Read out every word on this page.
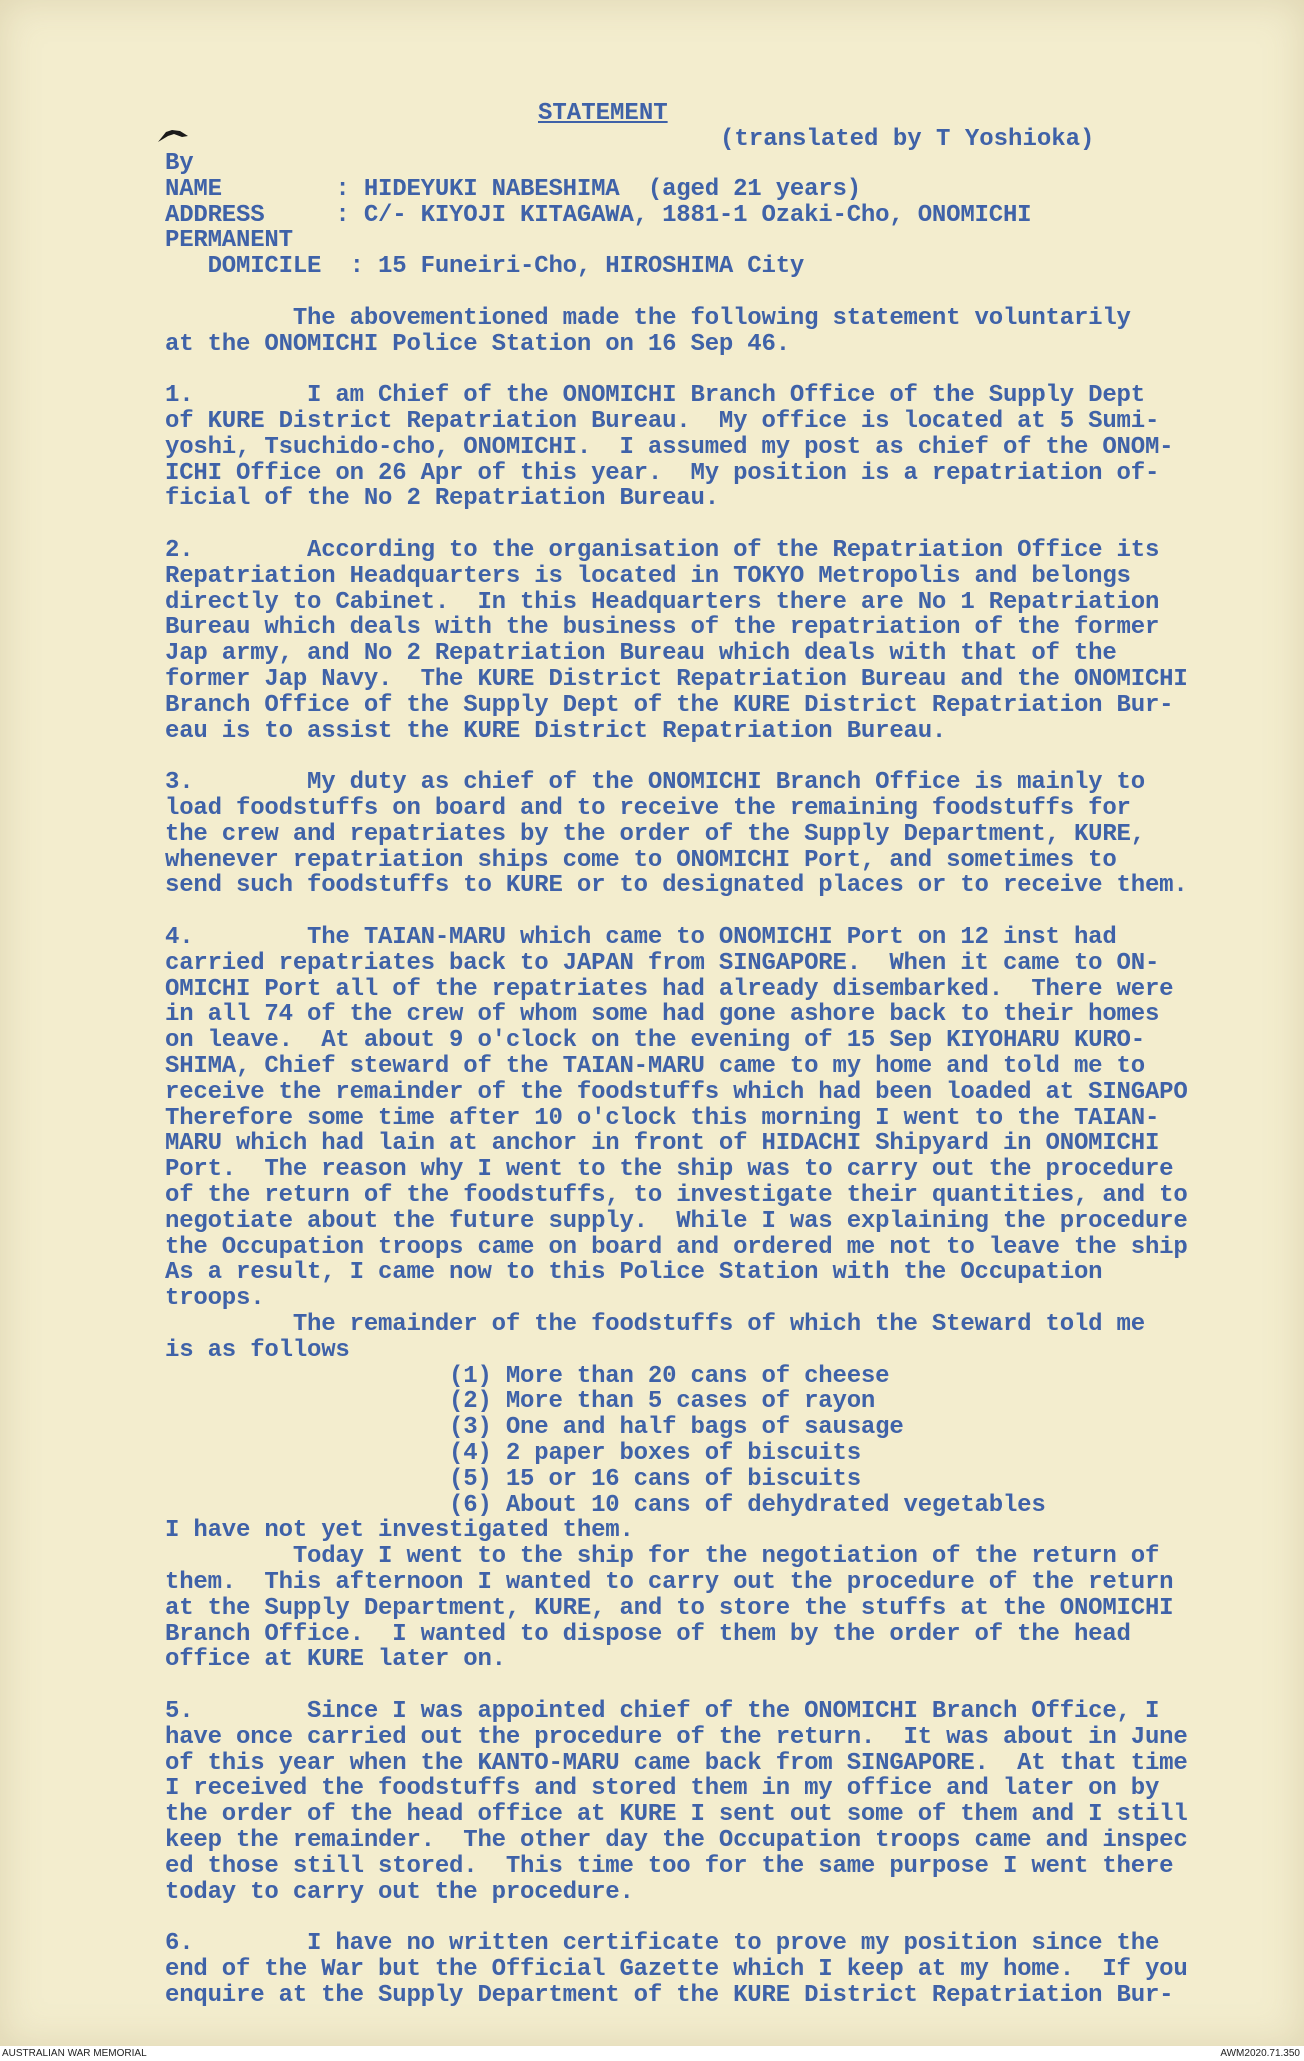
STATEMENT
(translated by T Yoshioka)
By
NAME        : HIDEYUKI NABESHIMA  (aged 21 years)
ADDRESS     : C/- KIYOJI KITAGAWA, 1881-1 Ozaki-Cho, ONOMICHI
PERMANENT
DOMICILE  : 15 Funeiri-Cho, HIROSHIMA City
The abovementioned made the following statement voluntarily
at the ONOMICHI Police Station on 16 Sep 46.
1.        I am Chief of the ONOMICHI Branch Office of the Supply Dept
of KURE District Repatriation Bureau.  My office is located at 5 Sumi-
yoshi, Tsuchido-cho, ONOMICHI.  I assumed my post as chief of the ONOM-
ICHI Office on 26 Apr of this year.  My position is a repatriation of-
ficial of the No 2 Repatriation Bureau.
2.        According to the organisation of the Repatriation Office its
Repatriation Headquarters is located in TOKYO Metropolis and belongs
directly to Cabinet.  In this Headquarters there are No 1 Repatriation
Bureau which deals with the business of the repatriation of the former
Jap army, and No 2 Repatriation Bureau which deals with that of the
former Jap Navy.  The KURE District Repatriation Bureau and the ONOMICHI
Branch Office of the Supply Dept of the KURE District Repatriation Bur-
eau is to assist the KURE District Repatriation Bureau.
3.        My duty as chief of the ONOMICHI Branch Office is mainly to
load foodstuffs on board and to receive the remaining foodstuffs for
the crew and repatriates by the order of the Supply Department, KURE,
whenever repatriation ships come to ONOMICHI Port, and sometimes to
send such foodstuffs to KURE or to designated places or to receive them.
4.        The TAIAN-MARU which came to ONOMICHI Port on 12 inst had
carried repatriates back to JAPAN from SINGAPORE.  When it came to ON-
OMICHI Port all of the repatriates had already disembarked.  There were
in all 74 of the crew of whom some had gone ashore back to their homes
on leave.  At about 9 o'clock on the evening of 15 Sep KIYOHARU KURO-
SHIMA, Chief steward of the TAIAN-MARU came to my home and told me to
receive the remainder of the foodstuffs which had been loaded at SINGAPO
Therefore some time after 10 o'clock this morning I went to the TAIAN-
MARU which had lain at anchor in front of HIDACHI Shipyard in ONOMICHI
Port.  The reason why I went to the ship was to carry out the procedure
of the return of the foodstuffs, to investigate their quantities, and to
negotiate about the future supply.  While I was explaining the procedure
the Occupation troops came on board and ordered me not to leave the ship
As a result, I came now to this Police Station with the Occupation
troops.
The remainder of the foodstuffs of which the Steward told me
is as follows
(1) More than 20 cans of cheese
(2) More than 5 cases of rayon
(3) One and half bags of sausage
(4) 2 paper boxes of biscuits
(5) 15 or 16 cans of biscuits
(6) About 10 cans of dehydrated vegetables
I have not yet investigated them.
Today I went to the ship for the negotiation of the return of
them.  This afternoon I wanted to carry out the procedure of the return
at the Supply Department, KURE, and to store the stuffs at the ONOMICHI
Branch Office.  I wanted to dispose of them by the order of the head
office at KURE later on.
5.        Since I was appointed chief of the ONOMICHI Branch Office, I
have once carried out the procedure of the return.  It was about in June
of this year when the KANTO-MARU came back from SINGAPORE.  At that time
I received the foodstuffs and stored them in my office and later on by
the order of the head office at KURE I sent out some of them and I still
keep the remainder.  The other day the Occupation troops came and inspec
ed those still stored.  This time too for the same purpose I went there
today to carry out the procedure.
6.        I have no written certificate to prove my position since the
end of the War but the Official Gazette which I keep at my home.  If you
enquire at the Supply Department of the KURE District Repatriation Bur-
AUSTRALIAN WAR MEMORIAL	AWM2020.71.350
